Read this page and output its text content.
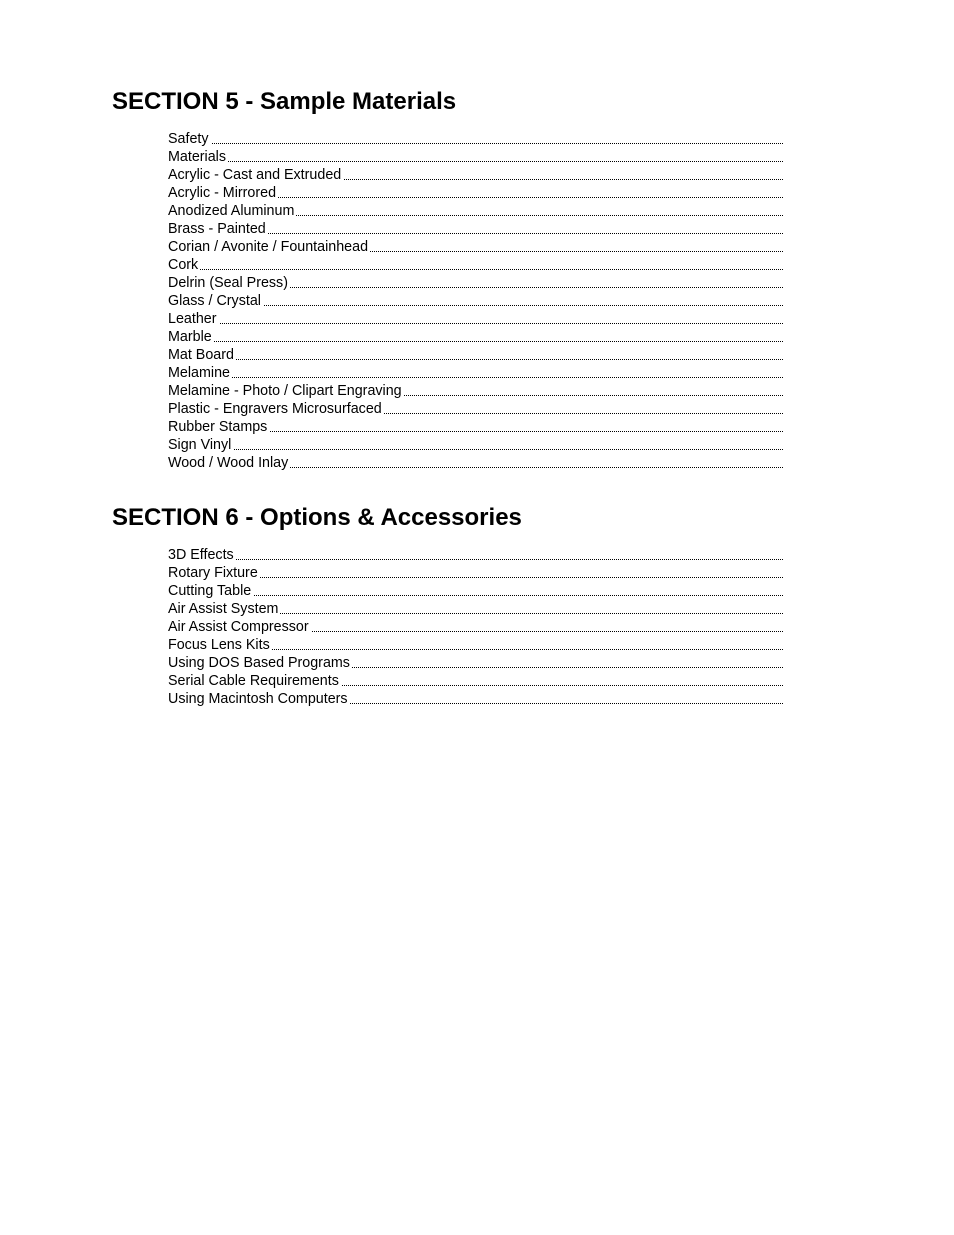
SECTION 5 - Sample Materials
Safety
Materials
Acrylic - Cast and Extruded
Acrylic - Mirrored
Anodized Aluminum
Brass - Painted
Corian / Avonite / Fountainhead
Cork
Delrin (Seal Press)
Glass / Crystal
Leather
Marble
Mat Board
Melamine
Melamine - Photo / Clipart Engraving
Plastic - Engravers Microsurfaced
Rubber Stamps
Sign Vinyl
Wood / Wood Inlay
SECTION 6 - Options & Accessories
3D Effects
Rotary Fixture
Cutting Table
Air Assist System
Air Assist Compressor
Focus Lens Kits
Using DOS Based Programs
Serial Cable Requirements
Using Macintosh Computers
